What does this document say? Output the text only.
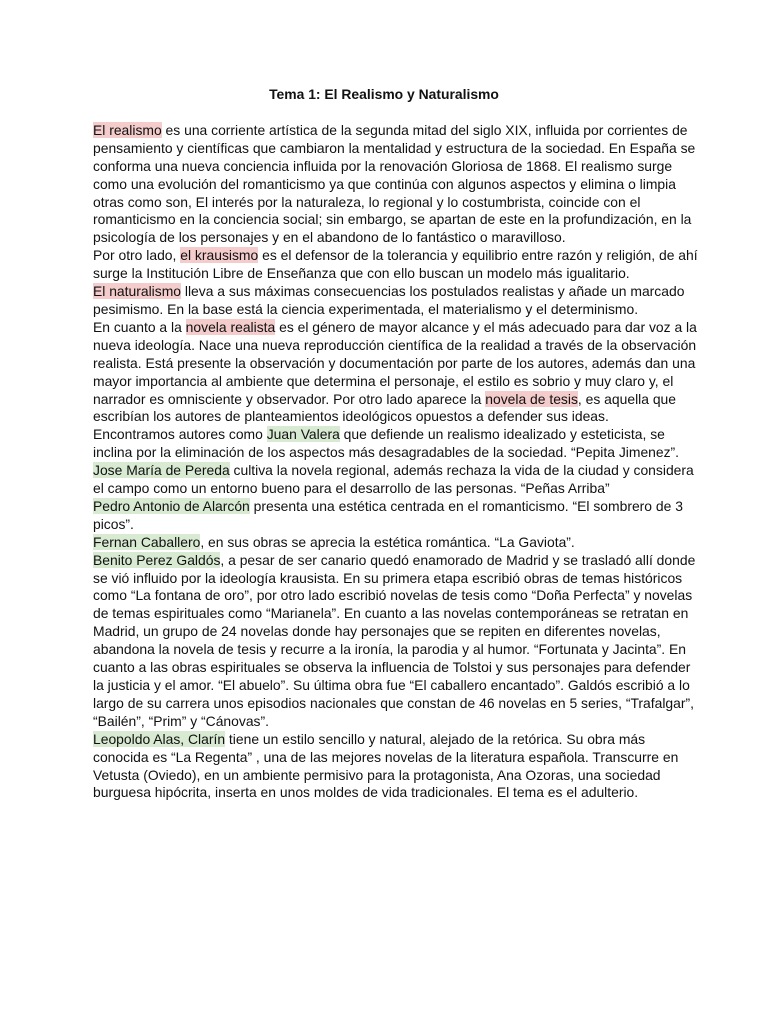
Tema 1: El Realismo y Naturalismo

El realismo es una corriente artística de la segunda mitad del siglo XIX, influida por corrientes de pensamiento y científicas que cambiaron la mentalidad y estructura de la sociedad. En España se conforma una nueva conciencia influida por la renovación Gloriosa de 1868. El realismo surge como una evolución del romanticismo ya que continúa con algunos aspectos y elimina o limpia otras como son, El interés por la naturaleza, lo regional y lo costumbrista, coincide con el romanticismo en la conciencia social; sin embargo, se apartan de este en la profundización, en la psicología de los personajes y en el abandono de lo fantástico o maravilloso.

Por otro lado, el krausismo es el defensor de la tolerancia y equilibrio entre razón y religión, de ahí surge la Institución Libre de Enseñanza que con ello buscan un modelo más igualitario.

El naturalismo lleva a sus máximas consecuencias los postulados realistas y añade un marcado pesimismo. En la base está la ciencia experimentada, el materialismo y el determinismo.

En cuanto a la novela realista es el género de mayor alcance y el más adecuado para dar voz a la nueva ideología. Nace una nueva reproducción científica de la realidad a través de la observación realista. Está presente la observación y documentación por parte de los autores, además dan una mayor importancia al ambiente que determina el personaje, el estilo es sobrio y muy claro y, el narrador es omnisciente y observador. Por otro lado aparece la novela de tesis, es aquella que escribían los autores de planteamientos ideológicos opuestos a defender sus ideas.

Encontramos autores como Juan Valera que defiende un realismo idealizado y esteticista, se inclina por la eliminación de los aspectos más desagradables de la sociedad. “Pepita Jimenez”.

Jose María de Pereda cultiva la novela regional, además rechaza la vida de la ciudad y considera el campo como un entorno bueno para el desarrollo de las personas. “Peñas Arriba”

Pedro Antonio de Alarcón presenta una estética centrada en el romanticismo. “El sombrero de 3 picos”.

Fernan Caballero, en sus obras se aprecia la estética romántica. “La Gaviota”.

Benito Perez Galdós, a pesar de ser canario quedó enamorado de Madrid y se trasladó allí donde se vió influido por la ideología krausista. En su primera etapa escribió obras de temas históricos como “La fontana de oro”, por otro lado escribió novelas de tesis como “Doña Perfecta” y novelas de temas espirituales como “Marianela”. En cuanto a las novelas contemporáneas se retratan en Madrid, un grupo de 24 novelas donde hay personajes que se repiten en diferentes novelas, abandona la novela de tesis y recurre a la ironía, la parodia y al humor. “Fortunata y Jacinta”. En cuanto a las obras espirituales se observa la influencia de Tolstoi y sus personajes para defender la justicia y el amor. “El abuelo”. Su última obra fue “El caballero encantado”. Galdós escribió a lo largo de su carrera unos episodios nacionales que constan de 46 novelas en 5 series, “Trafalgar”, “Bailén”, “Prim” y “Cánovas”.

Leopoldo Alas, Clarín tiene un estilo sencillo y natural, alejado de la retórica. Su obra más conocida es “La Regenta” , una de las mejores novelas de la literatura española. Transcurre en Vetusta (Oviedo), en un ambiente permisivo para la protagonista, Ana Ozoras, una sociedad burguesa hipócrita, inserta en unos moldes de vida tradicionales. El tema es el adulterio.
